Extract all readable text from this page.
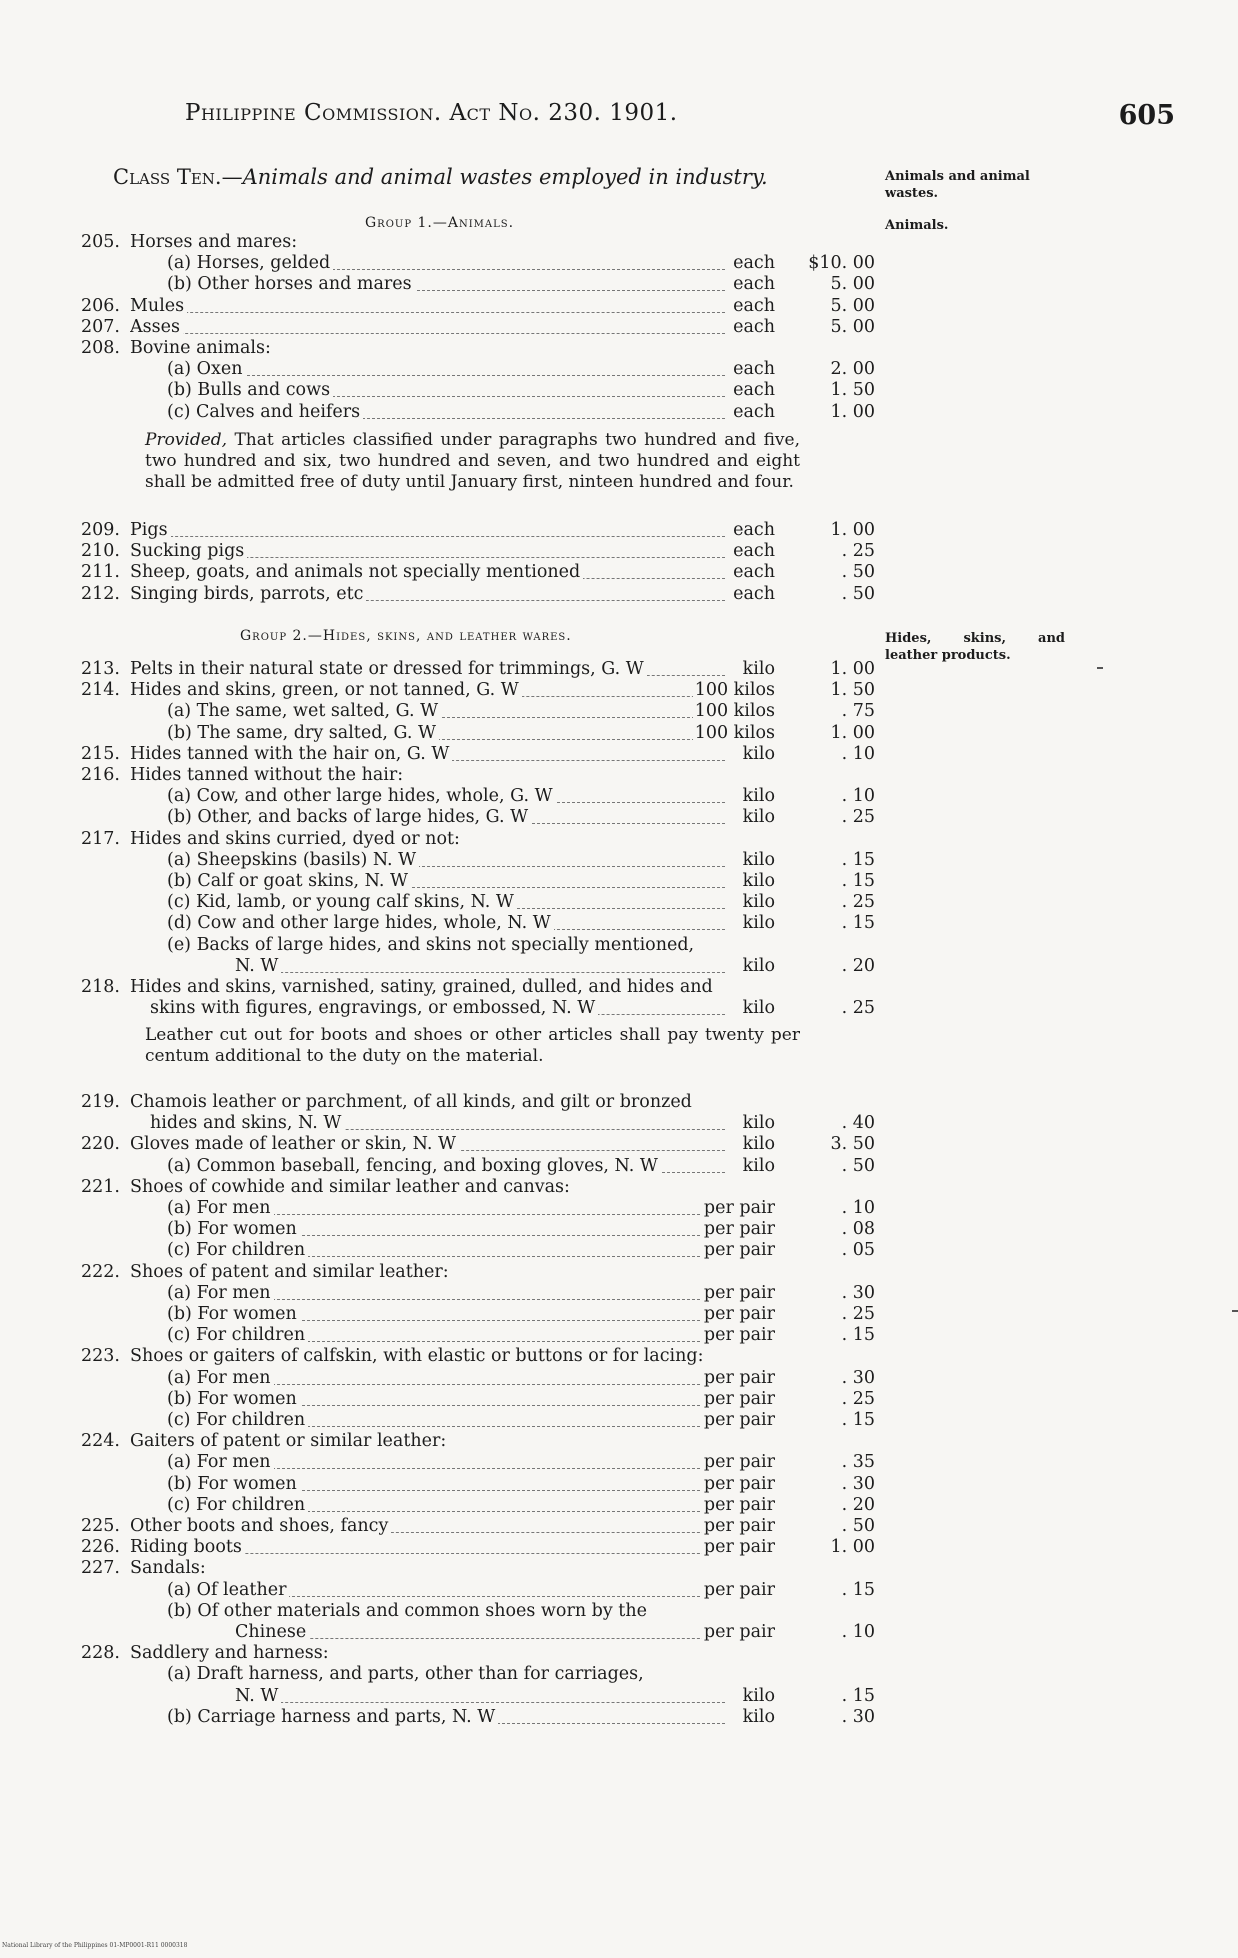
Philippine Commission. Act No. 230. 1901.	605
Class Ten.—Animals and animal wastes employed in industry.	Animals and animal wastes.
Animals.
Hides, skins, and leather products.
Group 1.—Animals.
Group 2.—Hides, skins, and leather wares.
Provided, That articles classified under paragraphs two hundred and five, two hundred and six, two hundred and seven, and two hundred and eight shall be admitted free of duty until January first, ninteen hundred and four.
Leather cut out for boots and shoes or other articles shall pay twenty per centum additional to the duty on the material.
205. Horses and mares:
(a) Horses, gelded	each	$10. 00
(b) Other horses and mares	each	5. 00
206. Mules	each	5. 00
207. Asses	each	5. 00
208. Bovine animals:
(a) Oxen	each	2. 00
(b) Bulls and cows	each	1. 50
(c) Calves and heifers	each	1. 00
209. Pigs	each	1. 00
210. Sucking pigs	each	. 25
211. Sheep, goats, and animals not specially mentioned	each	. 50
212. Singing birds, parrots, etc	each	. 50
213. Pelts in their natural state or dressed for trimmings, G. W	kilo	1. 00
214. Hides and skins, green, or not tanned, G. W	100 kilos	1. 50
(a) The same, wet salted, G. W	100 kilos	. 75
(b) The same, dry salted, G. W	100 kilos	1. 00
215. Hides tanned with the hair on, G. W	kilo	. 10
216. Hides tanned without the hair:
(a) Cow, and other large hides, whole, G. W	kilo	. 10
(b) Other, and backs of large hides, G. W	kilo	. 25
217. Hides and skins curried, dyed or not:
(a) Sheepskins (basils) N. W	kilo	. 15
(b) Calf or goat skins, N. W	kilo	. 15
(c) Kid, lamb, or young calf skins, N. W	kilo	. 25
(d) Cow and other large hides, whole, N. W	kilo	. 15
(e) Backs of large hides, and skins not specially mentioned,
N. W	kilo	. 20
218. Hides and skins, varnished, satiny, grained, dulled, and hides and
skins with figures, engravings, or embossed, N. W	kilo	. 25
219. Chamois leather or parchment, of all kinds, and gilt or bronzed
hides and skins, N. W	kilo	. 40
220. Gloves made of leather or skin, N. W	kilo	3. 50
(a) Common baseball, fencing, and boxing gloves, N. W	kilo	. 50
221. Shoes of cowhide and similar leather and canvas:
(a) For men	per pair	. 10
(b) For women	per pair	. 08
(c) For children	per pair	. 05
222. Shoes of patent and similar leather:
(a) For men	per pair	. 30
(b) For women	per pair	. 25
(c) For children	per pair	. 15
223. Shoes or gaiters of calfskin, with elastic or buttons or for lacing:
(a) For men	per pair	. 30
(b) For women	per pair	. 25
(c) For children	per pair	. 15
224. Gaiters of patent or similar leather:
(a) For men	per pair	. 35
(b) For women	per pair	. 30
(c) For children	per pair	. 20
225. Other boots and shoes, fancy	per pair	. 50
226. Riding boots	per pair	1. 00
227. Sandals:
(a) Of leather	per pair	. 15
(b) Of other materials and common shoes worn by the
Chinese	per pair	. 10
228. Saddlery and harness:
(a) Draft harness, and parts, other than for carriages,
N. W	kilo	. 15
(b) Carriage harness and parts, N. W	kilo	. 30
National Library of the Philippines 01-MP0001-R11 0000318
